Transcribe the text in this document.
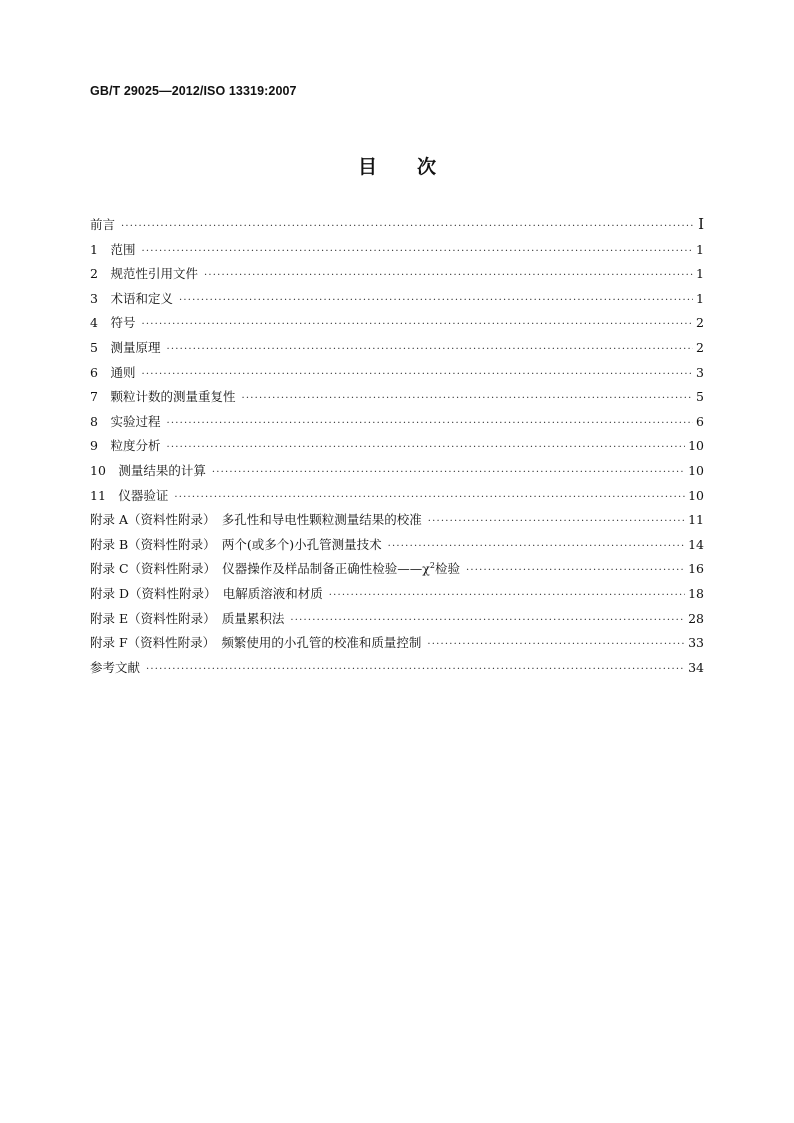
GB/T 29025—2012/ISO 13319:2007
目 次
前言 ·····	I
1　范围 ·····	1
2　规范性引用文件 ·····	1
3　术语和定义 ·····	1
4　符号 ·····	2
5　测量原理 ·····	2
6　通则 ·····	3
7　颗粒计数的测量重复性 ·····	5
8　实验过程 ·····	6
9　粒度分析 ·····	10
10　测量结果的计算 ·····	10
11　仪器验证 ·····	10
附录 A（资料性附录）　多孔性和导电性颗粒测量结果的校准 ·····	11
附录 B（资料性附录）　两个(或多个)小孔管测量技术 ·····	14
附录 C（资料性附录）　仪器操作及样品制备正确性检验$——\chi^2$检验 ·····	16
附录 D（资料性附录）　电解质溶液和材质 ·····	18
附录 E（资料性附录）　质量累积法 ·····	28
附录 F（资料性附录）　频繁使用的小孔管的校准和质量控制 ·····	33
参考文献 ·····	34
